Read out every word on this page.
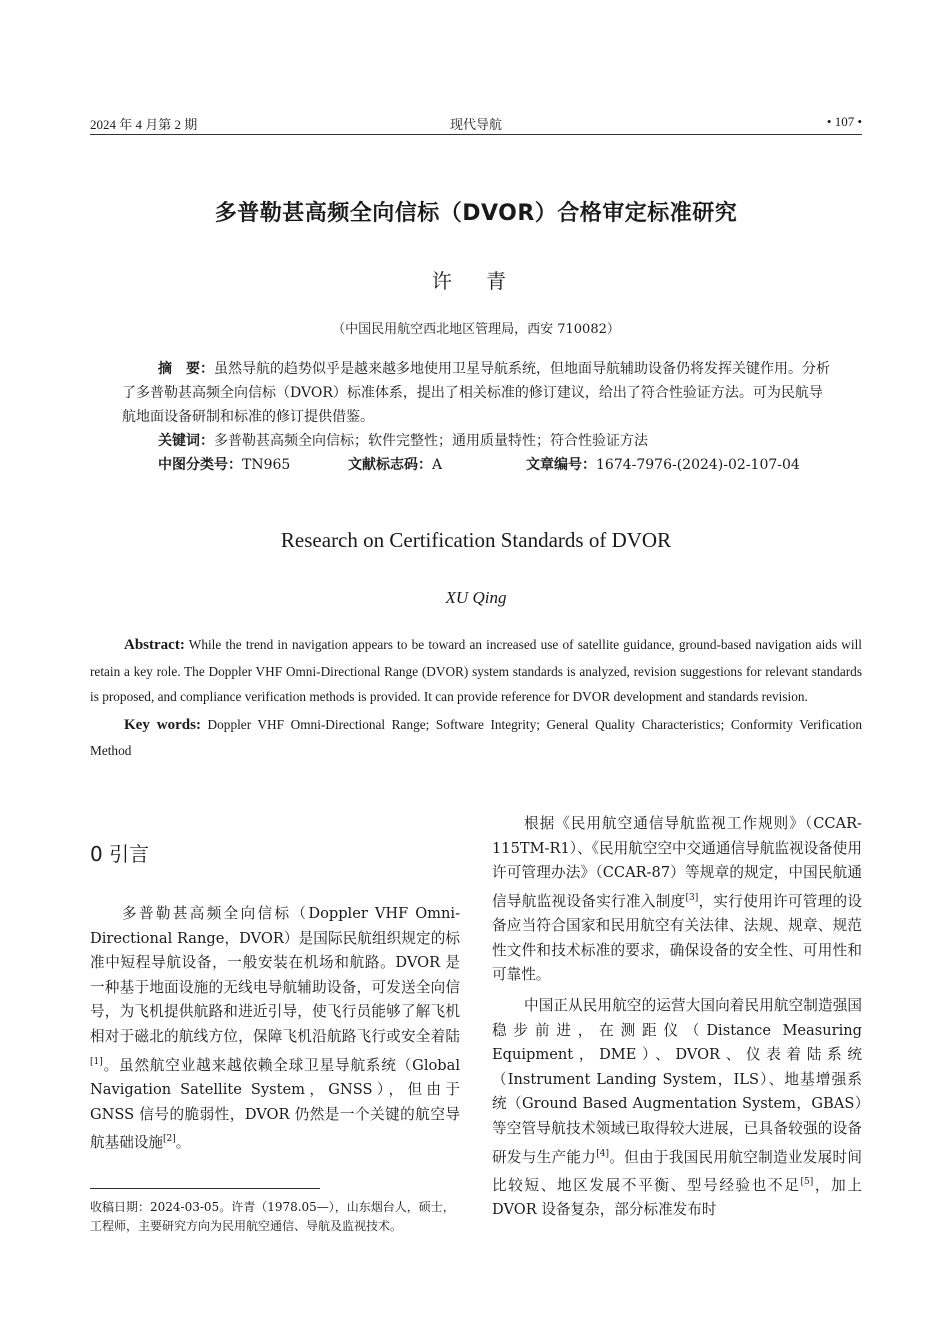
2024 年 4 月第 2 期	现代导航	• 107 •
多普勒甚高频全向信标（DVOR）合格审定标准研究
许 青
（中国民用航空西北地区管理局，西安 710082）

摘　要：虽然导航的趋势似乎是越来越多地使用卫星导航系统，但地面导航辅助设备仍将发挥关键作用。分析了多普勒甚高频全向信标（DVOR）标准体系，提出了相关标准的修订建议，给出了符合性验证方法。可为民航导航地面设备研制和标准的修订提供借鉴。

关键词：多普勒甚高频全向信标；软件完整性；通用质量特性；符合性验证方法

中图分类号：TN965	文献标志码：A	文章编号：1674-7976-(2024)-02-107-04
Research on Certification Standards of DVOR
XU Qing

Abstract: While the trend in navigation appears to be toward an increased use of satellite guidance, ground-based navigation aids will retain a key role. The Doppler VHF Omni-Directional Range (DVOR) system standards is analyzed, revision suggestions for relevant standards is proposed, and compliance verification methods is provided. It can provide reference for DVOR development and standards revision.

Key words: Doppler VHF Omni-Directional Range; Software Integrity; General Quality Characteristics; Conformity Verification Method

0 引言

多普勒甚高频全向信标（Doppler VHF Omni-Directional Range，DVOR）是国际民航组织规定的标准中短程导航设备，一般安装在机场和航路。DVOR 是一种基于地面设施的无线电导航辅助设备，可发送全向信号，为飞机提供航路和进近引导，使飞行员能够了解飞机相对于磁北的航线方位，保障飞机沿航路飞行或安全着陆[1]。虽然航空业越来越依赖全球卫星导航系统（Global Navigation Satellite System，GNSS），但由于 GNSS 信号的脆弱性，DVOR 仍然是一个关键的航空导航基础设施[2]。

根据《民用航空通信导航监视工作规则》（CCAR-115TM-R1）、《民用航空空中交通通信导航监视设备使用许可管理办法》（CCAR-87）等规章的规定，中国民航通信导航监视设备实行准入制度[3]，实行使用许可管理的设备应当符合国家和民用航空有关法律、法规、规章、规范性文件和技术标准的要求，确保设备的安全性、可用性和可靠性。

中国正从民用航空的运营大国向着民用航空制造强国稳步前进，在测距仪（Distance Measuring Equipment，DME）、DVOR、仪表着陆系统（Instrument Landing System，ILS）、地基增强系统（Ground Based Augmentation System，GBAS）等空管导航技术领域已取得较大进展，已具备较强的设备研发与生产能力[4]。但由于我国民用航空制造业发展时间比较短、地区发展不平衡、型号经验也不足[5]，加上 DVOR 设备复杂，部分标准发布时

收稿日期：2024-03-05。许青（1978.05—），山东烟台人，硕士，工程师，主要研究方向为民用航空通信、导航及监视技术。
